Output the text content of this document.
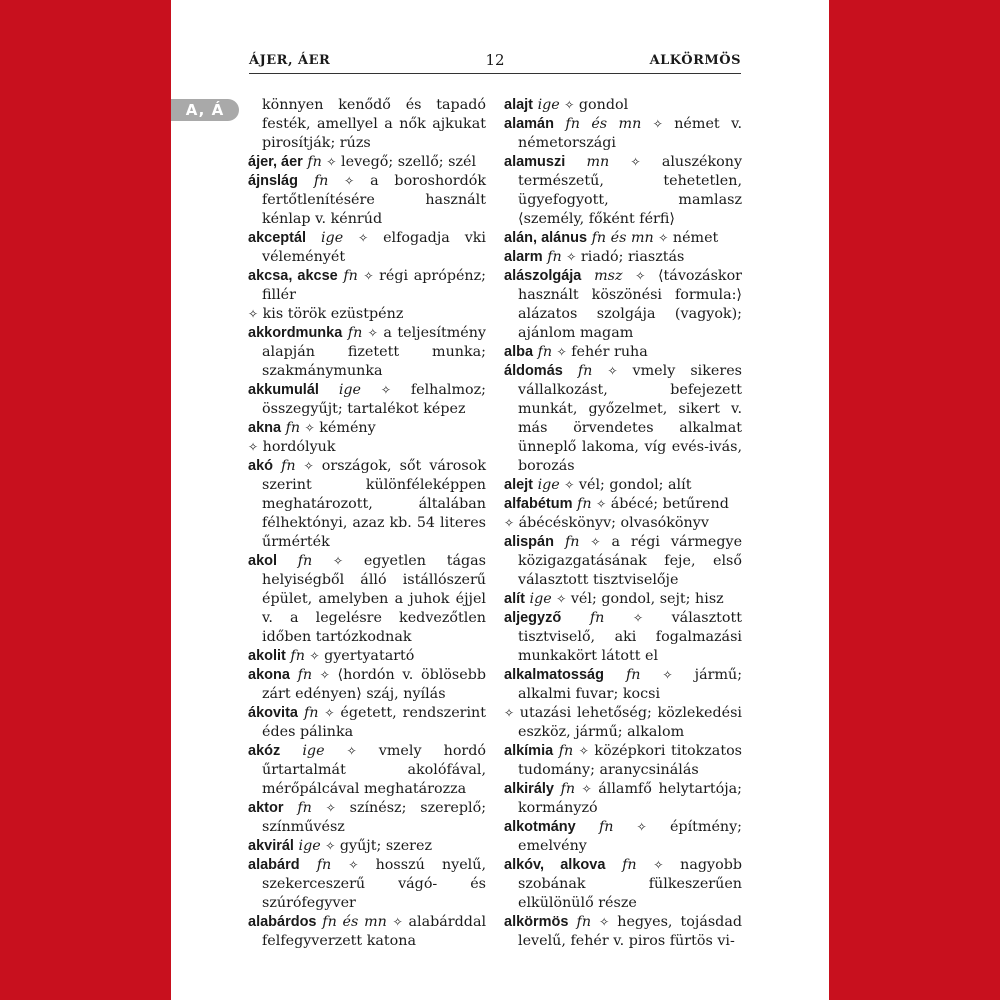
ÁJER, ÁER	12	ALKÖRMÖS
A, Á	könnyen kenődő és tapadó festék, amellyel a nők ajkukat pirosítják; rúzs

ájer, áer fn ✧ levegő; szellő; szél

ájnslág fn ✧ a boroshordók fertőtlenítésére használt kénlap v. kénrúd

akceptál ige ✧ elfogadja vki véleményét

akcsa, akcse fn ✧ régi aprópénz; fillér

✧ kis török ezüstpénz

akkordmunka fn ✧ a teljesítmény alapján fizetett munka; szakmánymunka

akkumulál ige ✧ felhalmoz; összegyűjt; tartalékot képez

akna fn ✧ kémény

✧ hordólyuk

akó fn ✧ országok, sőt városok szerint különféleképpen meghatározott, általában félhektónyi, azaz kb. 54 literes űrmérték

akol fn ✧ egyetlen tágas helyiségből álló istállószerű épület, amelyben a juhok éjjel v. a legelésre kedvezőtlen időben tartózkodnak

akolit fn ✧ gyertyatartó

akona fn ✧ ⟨hordón v. öblösebb zárt edényen⟩ száj, nyílás

ákovita fn ✧ égetett, rendszerint édes pálinka

akóz ige ✧ vmely hordó űrtartalmát akolófával, mérőpálcával meghatározza

aktor fn ✧ színész; szereplő; színművész

akvirál ige ✧ gyűjt; szerez

alabárd fn ✧ hosszú nyelű, szekerceszerű vágó- és szúrófegyver

alabárdos fn és mn ✧ alabárddal felfegyverzett katona

alajt ige ✧ gondol

alamán fn és mn ✧ német v. németországi

alamuszi mn ✧ aluszékony természetű, tehetetlen, ügyefogyott, mamlasz ⟨személy, főként férfi⟩

alán, alánus fn és mn ✧ német

alarm fn ✧ riadó; riasztás

alászolgája msz ✧ ⟨távozáskor használt köszönési formula:⟩ alázatos szolgája (vagyok); ajánlom magam

alba fn ✧ fehér ruha

áldomás fn ✧ vmely sikeres vállalkozást, befejezett munkát, győzelmet, sikert v. más örvendetes alkalmat ünneplő lakoma, víg evés-ivás, borozás

alejt ige ✧ vél; gondol; alít

alfabétum fn ✧ ábécé; betűrend

✧ ábécéskönyv; olvasókönyv

alispán fn ✧ a régi vármegye közigazgatásának feje, első választott tisztviselője

alít ige ✧ vél; gondol, sejt; hisz

aljegyző fn ✧ választott tisztviselő, aki fogalmazási munkakört látott el

alkalmatosság fn ✧ jármű; alkalmi fuvar; kocsi

✧ utazási lehetőség; közlekedési eszköz, jármű; alkalom

alkímia fn ✧ középkori titokzatos tudomány; aranycsinálás

alkirály fn ✧ államfő helytartója; kormányzó

alkotmány fn ✧ építmény; emelvény

alkóv, alkova fn ✧ nagyobb szobának fülkeszerűen elkülönülő része

alkörmös fn ✧ hegyes, tojásdad levelű, fehér v. piros fürtös vi-
